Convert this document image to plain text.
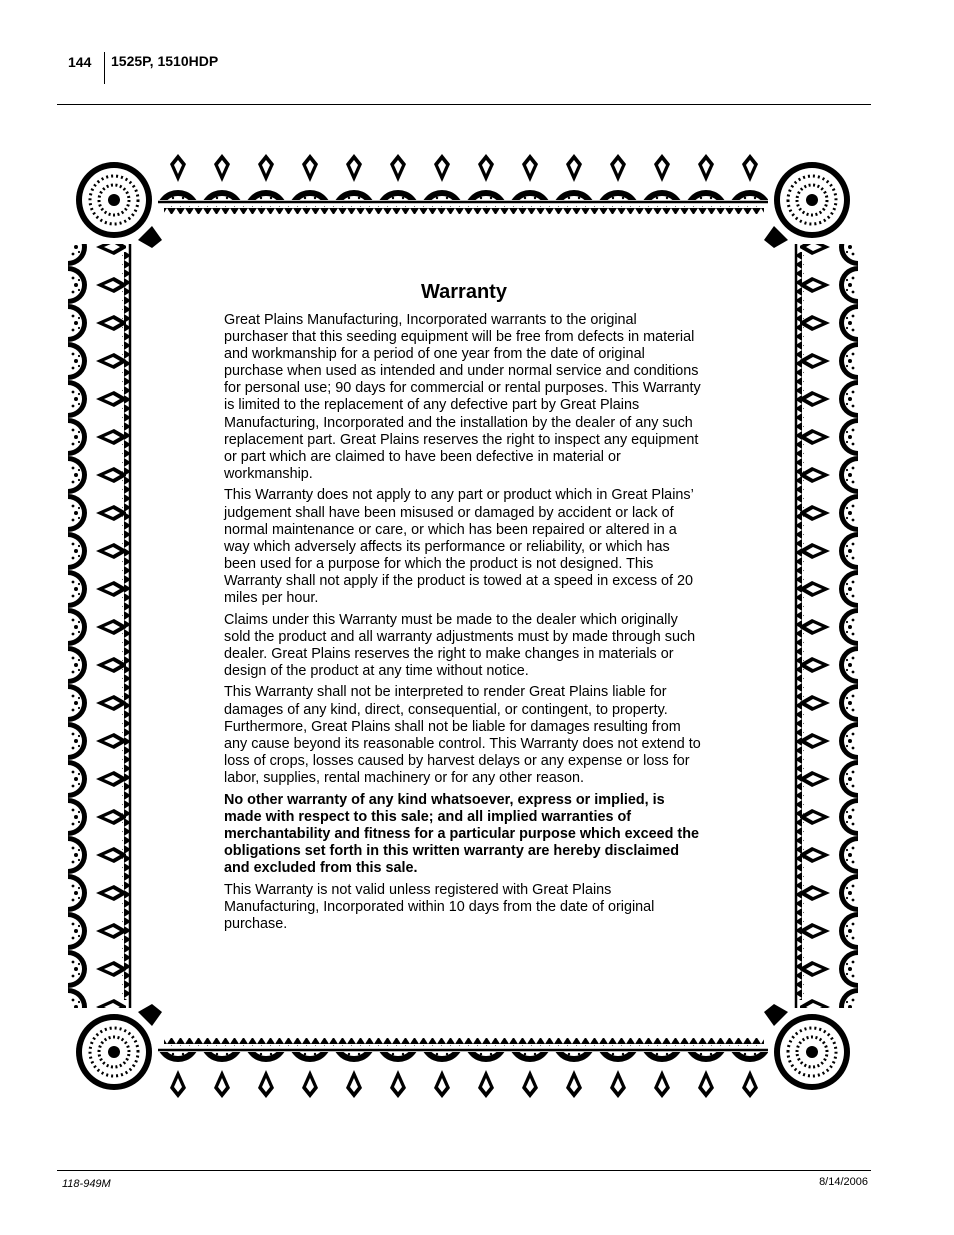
144 1525P, 1510HDP
Warranty

Great Plains Manufacturing, Incorporated warrants to the original purchaser that this seeding equipment will be free from defects in material and workmanship for a period of one year from the date of original purchase when used as intended and under normal service and conditions for personal use; 90 days for commercial or rental purposes. This Warranty is limited to the replacement of any defective part by Great Plains Manufacturing, Incorporated and the installation by the dealer of any such replacement part. Great Plains reserves the right to inspect any equipment or part which are claimed to have been defective in material or workmanship.

This Warranty does not apply to any part or product which in Great Plains’ judgement shall have been misused or damaged by accident or lack of normal maintenance or care, or which has been repaired or altered in a way which adversely affects its performance or reliability, or which has been used for a purpose for which the product is not designed. This Warranty shall not apply if the product is towed at a speed in excess of 20 miles per hour.

Claims under this Warranty must be made to the dealer which originally sold the product and all warranty adjustments must by made through such dealer. Great Plains reserves the right to make changes in materials or design of the product at any time without notice.

This Warranty shall not be interpreted to render Great Plains liable for damages of any kind, direct, consequential, or contingent, to property. Furthermore, Great Plains shall not be liable for damages resulting from any cause beyond its reasonable control. This Warranty does not extend to loss of crops, losses caused by harvest delays or any expense or loss for labor, supplies, rental machinery or for any other reason.

No other warranty of any kind whatsoever, express or implied, is made with respect to this sale; and all implied warranties of merchantability and fitness for a particular purpose which exceed the obligations set forth in this written warranty are hereby disclaimed and excluded from this sale.

This Warranty is not valid unless registered with Great Plains Manufacturing, Incorporated within 10 days from the date of original purchase.

118-949M	8/14/2006
